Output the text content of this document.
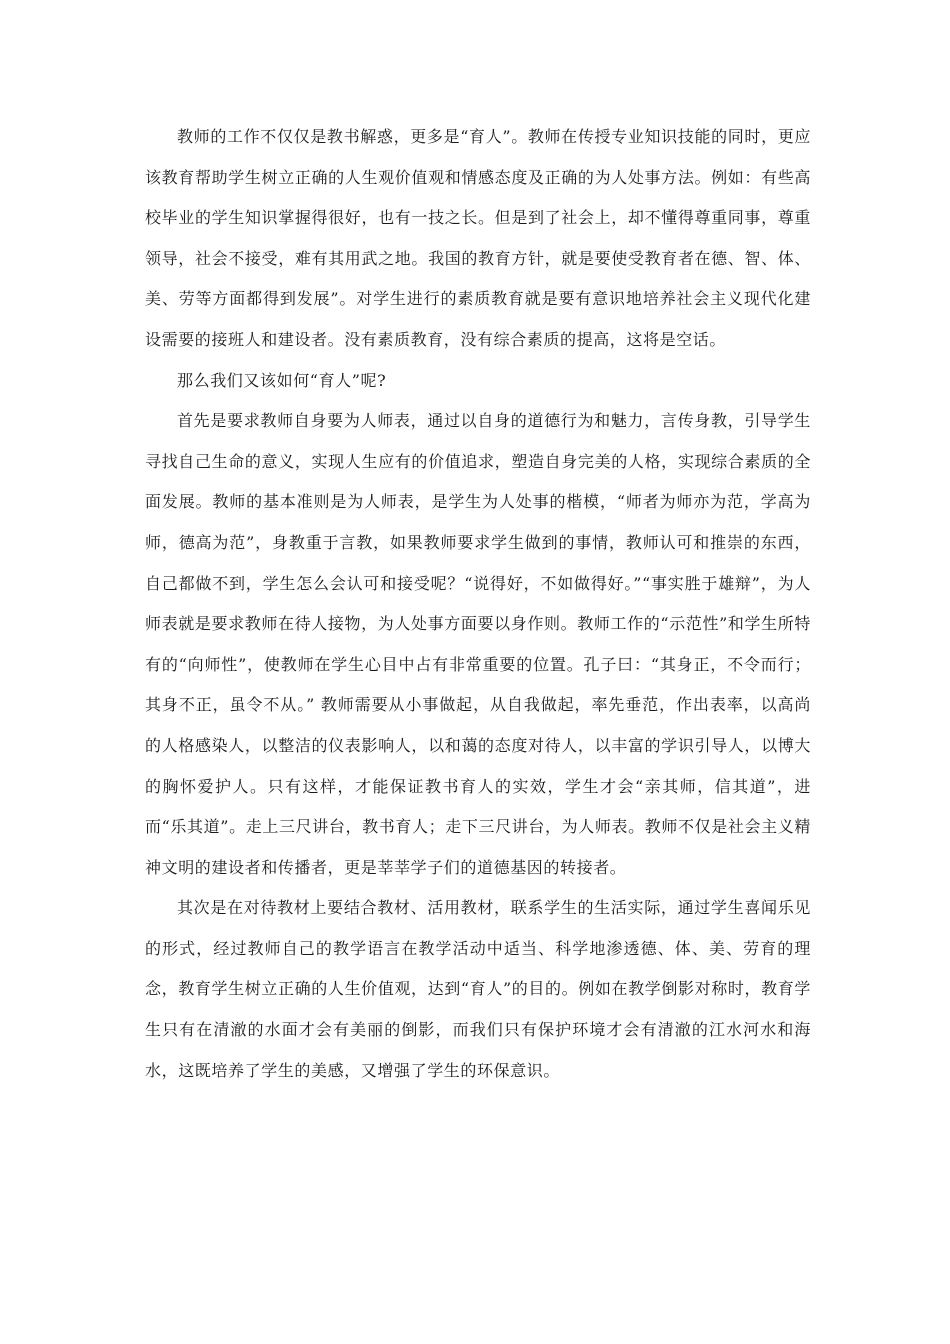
教师的工作不仅仅是教书解惑，更多是“育人”。教师在传授专业知识技能的同时，更应该教育帮助学生树立正确的人生观价值观和情感态度及正确的为人处事方法。例如：有些高校毕业的学生知识掌握得很好，也有一技之长。但是到了社会上，却不懂得尊重同事，尊重领导，社会不接受，难有其用武之地。我国的教育方针，就是要使受教育者在德、智、体、美、劳等方面都得到发展”。对学生进行的素质教育就是要有意识地培养社会主义现代化建设需要的接班人和建设者。没有素质教育，没有综合素质的提高，这将是空话。

那么我们又该如何“育人”呢?

首先是要求教师自身要为人师表，通过以自身的道德行为和魅力，言传身教，引导学生寻找自己生命的意义，实现人生应有的价值追求，塑造自身完美的人格，实现综合素质的全面发展。教师的基本准则是为人师表，是学生为人处事的楷模，“师者为师亦为范，学高为师，德高为范”，身教重于言教，如果教师要求学生做到的事情，教师认可和推崇的东西，自己都做不到，学生怎么会认可和接受呢？“说得好，不如做得好。”“事实胜于雄辩”，为人师表就是要求教师在待人接物，为人处事方面要以身作则。教师工作的“示范性”和学生所特有的“向师性”，使教师在学生心目中占有非常重要的位置。孔子曰：“其身正，不令而行；其身不正，虽令不从。” 教师需要从小事做起，从自我做起，率先垂范，作出表率，以高尚的人格感染人，以整洁的仪表影响人，以和蔼的态度对待人，以丰富的学识引导人，以博大的胸怀爱护人。只有这样，才能保证教书育人的实效，学生才会“亲其师，信其道”，进而“乐其道”。走上三尺讲台，教书育人；走下三尺讲台，为人师表。教师不仅是社会主义精神文明的建设者和传播者，更是莘莘学子们的道德基因的转接者。

其次是在对待教材上要结合教材、活用教材，联系学生的生活实际，通过学生喜闻乐见的形式，经过教师自己的教学语言在教学活动中适当、科学地渗透德、体、美、劳育的理念，教育学生树立正确的人生价值观，达到“育人”的目的。例如在教学倒影对称时，教育学生只有在清澈的水面才会有美丽的倒影，而我们只有保护环境才会有清澈的江水河水和海水，这既培养了学生的美感，又增强了学生的环保意识。
